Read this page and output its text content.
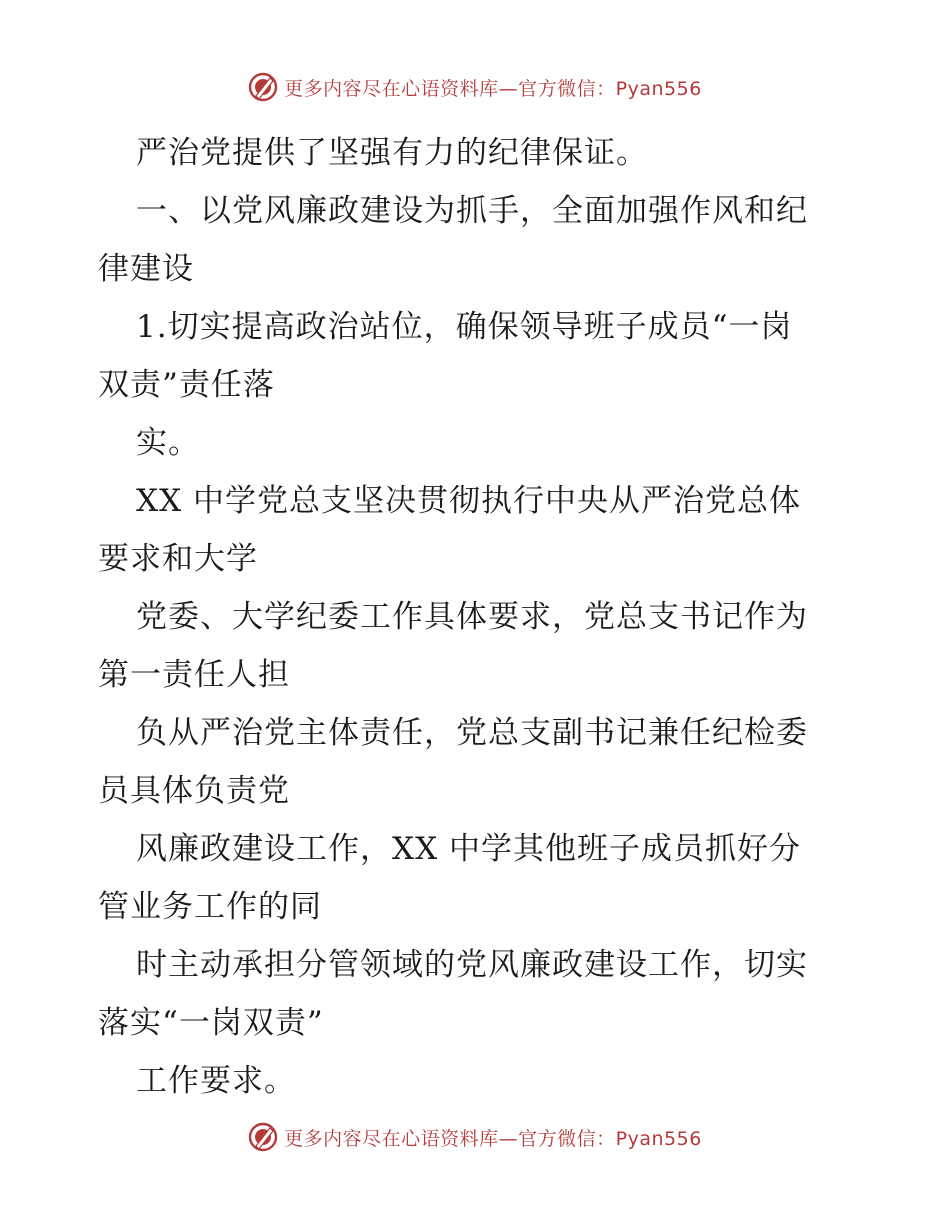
更多内容尽在心语资料库—官方微信：Pyan556
严治党提供了坚强有力的纪律保证。
一、以党风廉政建设为抓手，全面加强作风和纪
律建设
1.切实提高政治站位，确保领导班子成员“一岗
双责”责任落
实。
XX 中学党总支坚决贯彻执行中央从严治党总体
要求和大学
党委、大学纪委工作具体要求，党总支书记作为
第一责任人担
负从严治党主体责任，党总支副书记兼任纪检委
员具体负责党
风廉政建设工作，XX 中学其他班子成员抓好分
管业务工作的同
时主动承担分管领域的党风廉政建设工作，切实
落实“一岗双责”
工作要求。
更多内容尽在心语资料库—官方微信：Pyan556
